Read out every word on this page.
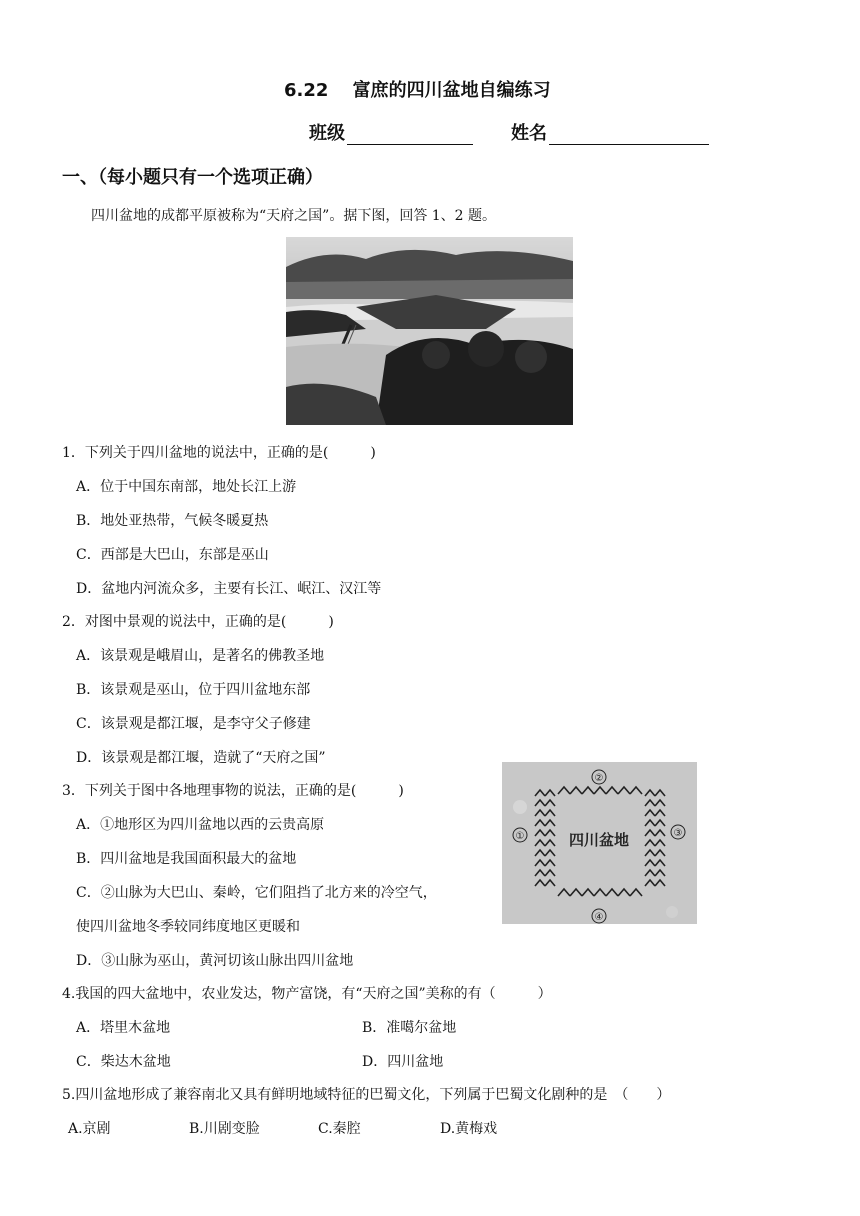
6.22　 富庶的四川盆地自编练习
班级	姓名
一、（每小题只有一个选项正确）
四川盆地的成都平原被称为“天府之国”。据下图，回答 1、2 题。
1．下列关于四川盆地的说法中，正确的是(　　　)
A．位于中国东南部，地处长江上游
B．地处亚热带，气候冬暖夏热
C．西部是大巴山，东部是巫山
D．盆地内河流众多，主要有长江、岷江、汉江等
2．对图中景观的说法中，正确的是(　　　)
A．该景观是峨眉山，是著名的佛教圣地
B．该景观是巫山，位于四川盆地东部
C．该景观是都江堰，是李守父子修建
D．该景观是都江堰，造就了“天府之国”
3．下列关于图中各地理事物的说法，正确的是(　　　)
A．①地形区为四川盆地以西的云贵高原
B．四川盆地是我国面积最大的盆地
C．②山脉为大巴山、秦岭，它们阻挡了北方来的冷空气，
使四川盆地冬季较同纬度地区更暖和
D．③山脉为巫山，黄河切该山脉出四川盆地
四川盆地
①
②
③
④
4.我国的四大盆地中，农业发达，物产富饶，有“天府之国”美称的有（　　　）
A．塔里木盆地	B．准噶尔盆地
C．柴达木盆地	D．四川盆地
5.四川盆地形成了兼容南北又具有鲜明地域特征的巴蜀文化，下列属于巴蜀文化剧种的是　（　　）
A.京剧	B.川剧变脸	C.秦腔	D.黄梅戏
